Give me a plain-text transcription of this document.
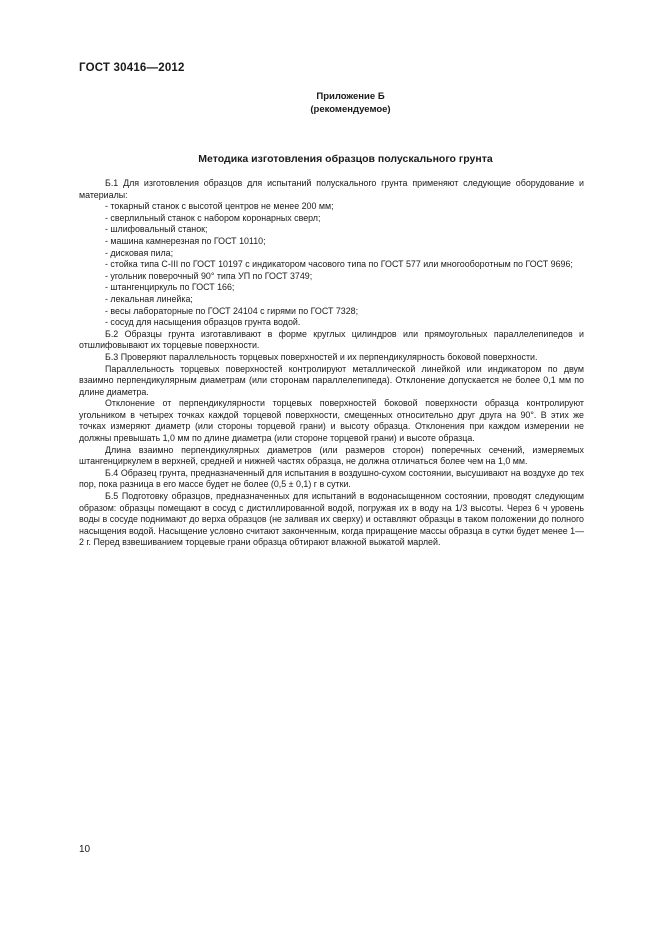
ГОСТ 30416—2012
Приложение Б
(рекомендуемое)
Методика изготовления образцов полускального грунта

Б.1 Для изготовления образцов для испытаний полускального грунта применяют следующие оборудование и материалы:

- токарный станок с высотой центров не менее 200 мм;

- сверлильный станок с набором коронарных сверл;

- шлифовальный станок;

- машина камнерезная по ГОСТ 10110;

- дисковая пила;

- стойка типа С-III по ГОСТ 10197 с индикатором часового типа по ГОСТ 577 или многооборотным по ГОСТ 9696;

- угольник поверочный 90° типа УП по ГОСТ 3749;

- штангенциркуль по ГОСТ 166;

- лекальная линейка;

- весы лабораторные по ГОСТ 24104 с гирями по ГОСТ 7328;

- сосуд для насыщения образцов грунта водой.

Б.2 Образцы грунта изготавливают в форме круглых цилиндров или прямоугольных параллелепипедов и отшлифовывают их торцевые поверхности.

Б.3 Проверяют параллельность торцевых поверхностей и их перпендикулярность боковой поверхности.

Параллельность торцевых поверхностей контролируют металлической линейкой или индикатором по двум взаимно перпендикулярным диаметрам (или сторонам параллелепипеда). Отклонение допускается не более 0,1 мм по длине диаметра.

Отклонение от перпендикулярности торцевых поверхностей боковой поверхности образца контролируют угольником в четырех точках каждой торцевой поверхности, смещенных относительно друг друга на 90°. В этих же точках измеряют диаметр (или стороны торцевой грани) и высоту образца. Отклонения при каждом измерении не должны превышать 1,0 мм по длине диаметра (или стороне торцевой грани) и высоте образца.

Длина взаимно перпендикулярных диаметров (или размеров сторон) поперечных сечений, измеряемых штангенциркулем в верхней, средней и нижней частях образца, не должна отличаться более чем на 1,0 мм.

Б.4 Образец грунта, предназначенный для испытания в воздушно-сухом состоянии, высушивают на воздухе до тех пор, пока разница в его массе будет не более (0,5 ± 0,1) г в сутки.

Б.5 Подготовку образцов, предназначенных для испытаний в водонасыщенном состоянии, проводят следующим образом: образцы помещают в сосуд с дистиллированной водой, погружая их в воду на 1/3 высоты. Через 6 ч уровень воды в сосуде поднимают до верха образцов (не заливая их сверху) и оставляют образцы в таком положении до полного насыщения водой. Насыщение условно считают законченным, когда приращение массы образца в сутки будет менее 1—2 г. Перед взвешиванием торцевые грани образца обтирают влажной выжатой марлей.

10
